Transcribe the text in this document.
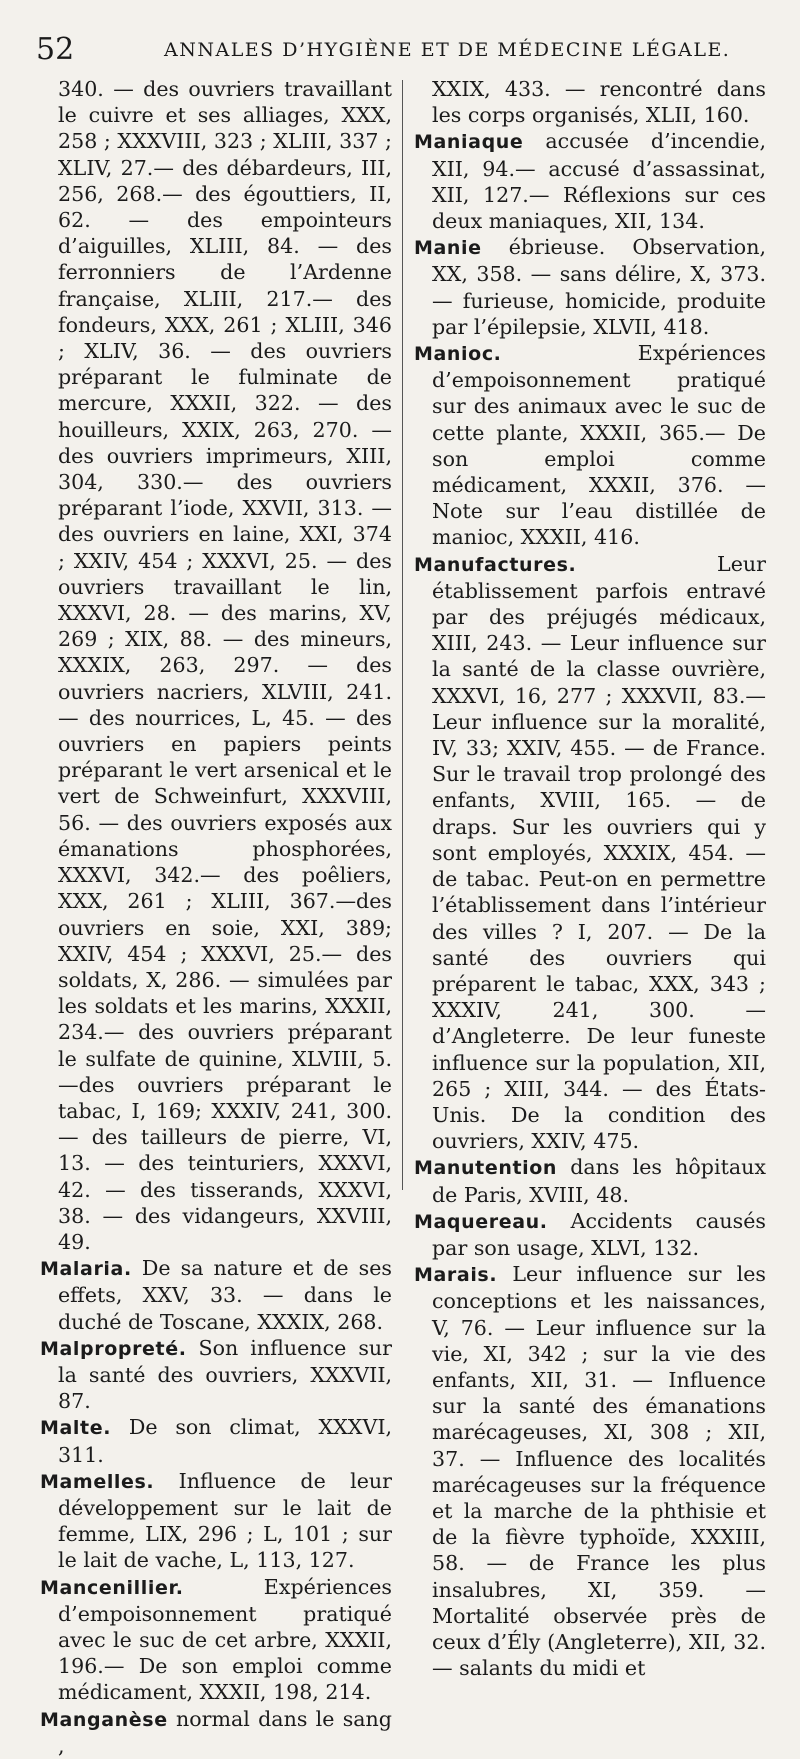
52	ANNALES D’HYGIÈNE ET DE MÉDECINE LÉGALE.

340. — des ouvriers travaillant le cuivre et ses alliages, XXX, 258 ; XXXVIII, 323 ; XLIII, 337 ; XLIV, 27.— des débardeurs, III, 256, 268.— des égouttiers, II, 62. — des empointeurs d’aiguilles, XLIII, 84. — des ferronniers de l’Ardenne française, XLIII, 217.— des fondeurs, XXX, 261 ; XLIII, 346 ; XLIV, 36. — des ouvriers préparant le fulminate de mercure, XXXII, 322. — des houilleurs, XXIX, 263, 270. — des ouvriers imprimeurs, XIII, 304, 330.— des ouvriers préparant l’iode, XXVII, 313. — des ouvriers en laine, XXI, 374 ; XXIV, 454 ; XXXVI, 25. — des ouvriers travaillant le lin, XXXVI, 28. — des marins, XV, 269 ; XIX, 88. — des mineurs, XXXIX, 263, 297. — des ouvriers nacriers, XLVIII, 241. — des nourrices, L, 45. — des ouvriers en papiers peints préparant le vert arsenical et le vert de Schweinfurt, XXXVIII, 56. — des ouvriers exposés aux émanations phosphorées, XXXVI, 342.— des poêliers, XXX, 261 ; XLIII, 367.—des ouvriers en soie, XXI, 389; XXIV, 454 ; XXXVI, 25.— des soldats, X, 286. — simulées par les soldats et les marins, XXXII, 234.— des ouvriers préparant le sulfate de quinine, XLVIII, 5.—des ouvriers préparant le tabac, I, 169; XXXIV, 241, 300. — des tailleurs de pierre, VI, 13. — des teinturiers, XXXVI, 42. — des tisserands, XXXVI, 38. — des vidangeurs, XXVIII, 49.

Malaria. De sa nature et de ses effets, XXV, 33. — dans le duché de Toscane, XXXIX, 268.

Malpropreté. Son influence sur la santé des ouvriers, XXXVII, 87.

Malte. De son climat, XXXVI, 311.

Mamelles. Influence de leur développement sur le lait de femme, LIX, 296 ; L, 101 ; sur le lait de vache, L, 113, 127.

Mancenillier. Expériences d’empoisonnement pratiqué avec le suc de cet arbre, XXXII, 196.— De son emploi comme médicament, XXXII, 198, 214.

Manganèse normal dans le sang ,

XXIX, 433. — rencontré dans les corps organisés, XLII, 160.

Maniaque accusée d’incendie, XII, 94.— accusé d’assassinat, XII, 127.— Réflexions sur ces deux maniaques, XII, 134.

Manie ébrieuse. Observation, XX, 358. — sans délire, X, 373. — furieuse, homicide, produite par l’épilepsie, XLVII, 418.

Manioc. Expériences d’empoisonnement pratiqué sur des animaux avec le suc de cette plante, XXXII, 365.— De son emploi comme médicament, XXXII, 376. — Note sur l’eau distillée de manioc, XXXII, 416.

Manufactures. Leur établissement parfois entravé par des préjugés médicaux, XIII, 243. — Leur influence sur la santé de la classe ouvrière, XXXVI, 16, 277 ; XXXVII, 83.— Leur influence sur la moralité, IV, 33; XXIV, 455. — de France. Sur le travail trop prolongé des enfants, XVIII, 165. — de draps. Sur les ouvriers qui y sont employés, XXXIX, 454. — de tabac. Peut-on en permettre l’établissement dans l’intérieur des villes ? I, 207. — De la santé des ouvriers qui préparent le tabac, XXX, 343 ; XXXIV, 241, 300. — d’Angleterre. De leur funeste influence sur la population, XII, 265 ; XIII, 344. — des États-Unis. De la condition des ouvriers, XXIV, 475.

Manutention dans les hôpitaux de Paris, XVIII, 48.

Maquereau. Accidents causés par son usage, XLVI, 132.

Marais. Leur influence sur les conceptions et les naissances, V, 76. — Leur influence sur la vie, XI, 342 ; sur la vie des enfants, XII, 31. — Influence sur la santé des émanations marécageuses, XI, 308 ; XII, 37. — Influence des localités marécageuses sur la fréquence et la marche de la phthisie et de la fièvre typhoïde, XXXIII, 58. — de France les plus insalubres, XI, 359. — Mortalité observée près de ceux d’Ély (Angleterre), XII, 32. — salants du midi et
